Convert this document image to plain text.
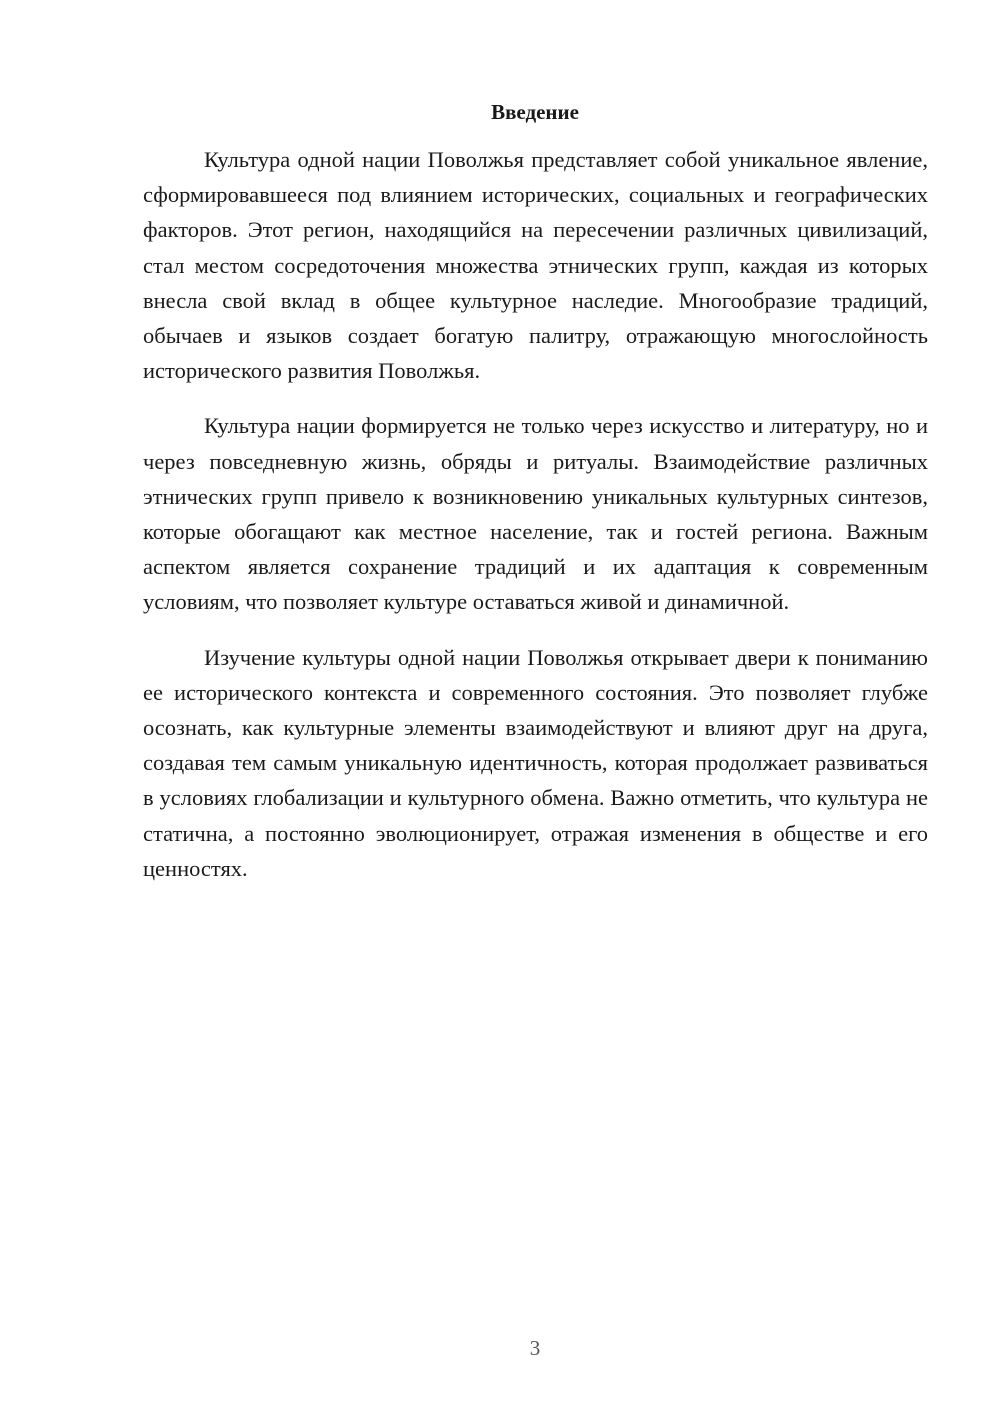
Введение

Культура одной нации Поволжья представляет собой уникальное явление, сформировавшееся под влиянием исторических, социальных и географических факторов. Этот регион, находящийся на пересечении различных цивилизаций, стал местом сосредоточения множества этнических групп, каждая из которых внесла свой вклад в общее культурное наследие. Многообразие традиций, обычаев и языков создает богатую палитру, отражающую многослойность исторического развития Поволжья.

Культура нации формируется не только через искусство и литературу, но и через повседневную жизнь, обряды и ритуалы. Взаимодействие различных этнических групп привело к возникновению уникальных культурных синтезов, которые обогащают как местное население, так и гостей региона. Важным аспектом является сохранение традиций и их адаптация к современным условиям, что позволяет культуре оставаться живой и динамичной.

Изучение культуры одной нации Поволжья открывает двери к пониманию ее исторического контекста и современного состояния. Это позволяет глубже осознать, как культурные элементы взаимодействуют и влияют друг на друга, создавая тем самым уникальную идентичность, которая продолжает развиваться в условиях глобализации и культурного обмена. Важно отметить, что культура не статична, а постоянно эволюционирует, отражая изменения в обществе и его ценностях.

3
